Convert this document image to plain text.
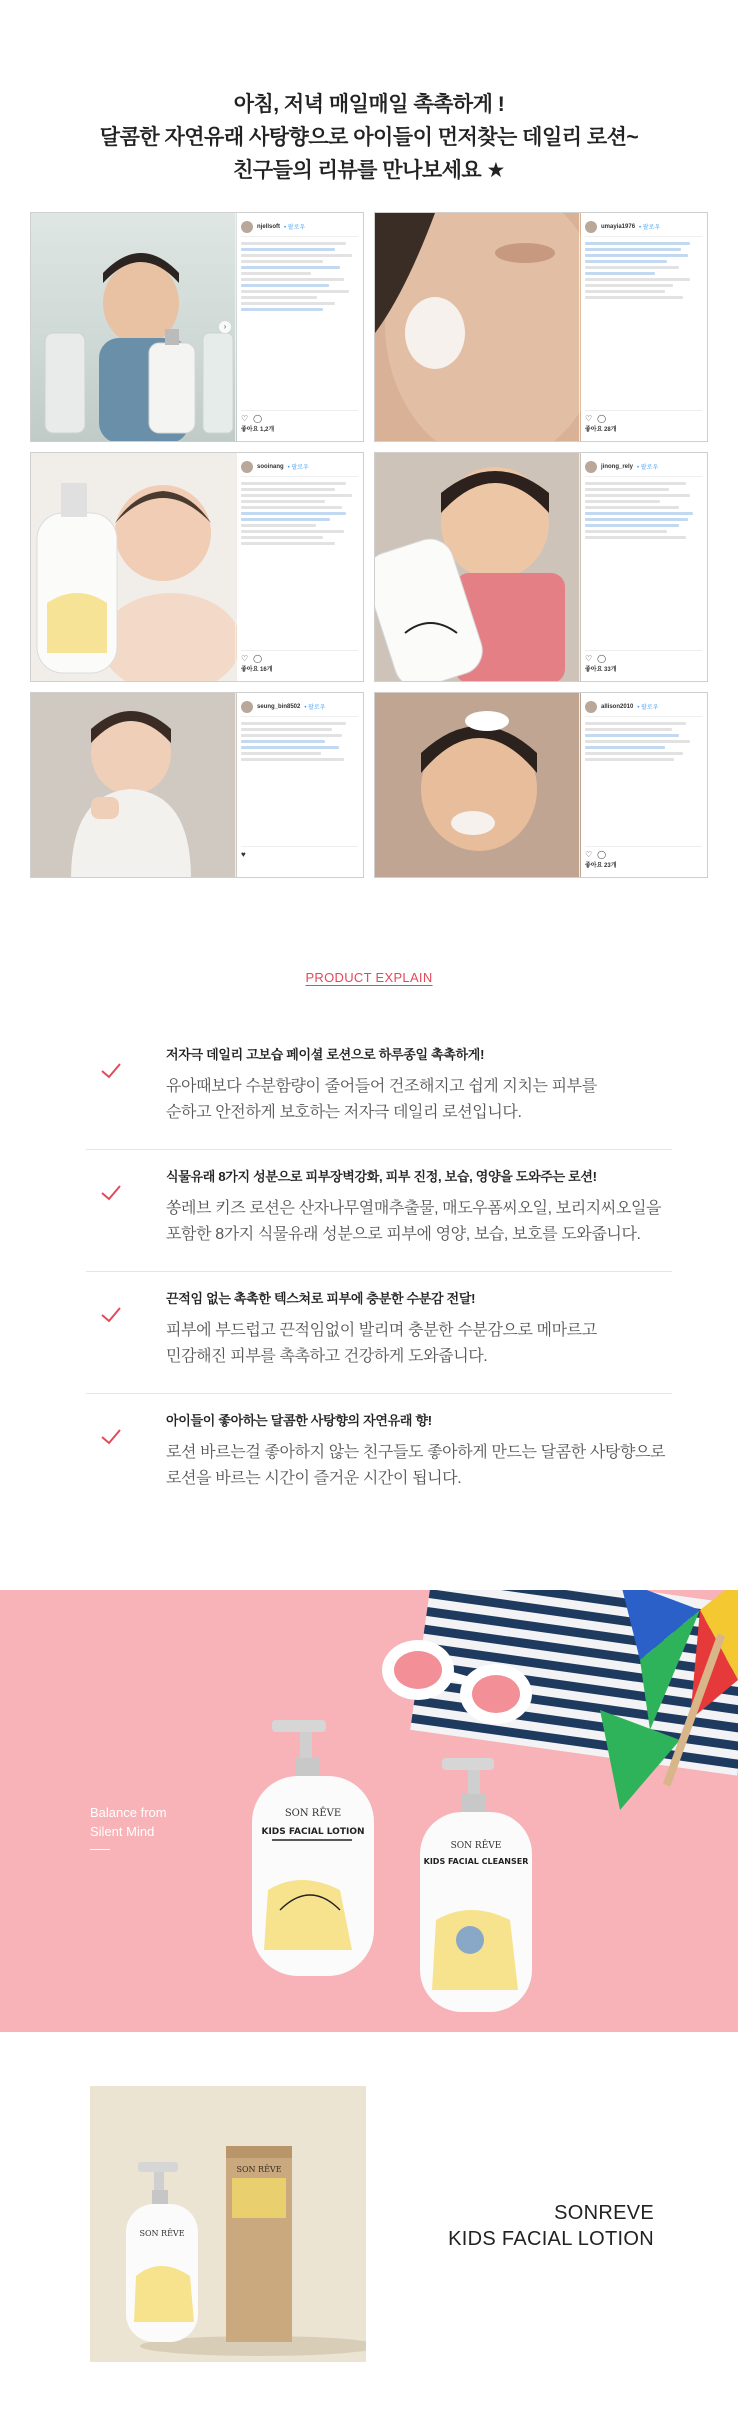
아침, 저녁 매일매일 촉촉하게 !
달콤한 자연유래 사탕향으로 아이들이 먼저찾는 데일리 로션~
친구들의 리뷰를 만나보세요 ★
›
njellsoft • 팔로우
♡ ◯
좋아요 1,2개
umayia1976 • 팔로우
♡ ◯
좋아요 28개
sooinang • 팔로우
♡ ◯
좋아요 16개
jinong_rely • 팔로우
♡ ◯
좋아요 33개
seung_bin8502 • 팔로우
♥
allison2010 • 팔로우
♡ ◯
좋아요 23개
PRODUCT EXPLAIN
저자극 데일리 고보습 페이셜 로션으로 하루종일 촉촉하게!
유아때보다 수분함량이 줄어들어 건조해지고 쉽게 지치는 피부를
순하고 안전하게 보호하는 저자극 데일리 로션입니다.
식물유래 8가지 성분으로 피부장벽강화, 피부 진정, 보습, 영양을 도와주는 로션!
쏭레브 키즈 로션은 산자나무열매추출물, 매도우폼씨오일, 보리지씨오일을
포함한 8가지 식물유래 성분으로 피부에 영양, 보습, 보호를 도와줍니다.
끈적임 없는 촉촉한 텍스쳐로 피부에 충분한 수분감 전달!
피부에 부드럽고 끈적임없이 발리며 충분한 수분감으로 메마르고
민감해진 피부를 촉촉하고 건강하게 도와줍니다.
아이들이 좋아하는 달콤한 사탕향의 자연유래 향!
로션 바르는걸 좋아하지 않는 친구들도 좋아하게 만드는 달콤한 사탕향으로
로션을 바르는 시간이 즐거운 시간이 됩니다.
SON RÊVE
KIDS FACIAL LOTION
SON RÊVE
KIDS FACIAL CLEANSER
Balance from
Silent Mind
SON RÊVE
SON RÊVE
SONREVE
KIDS FACIAL LOTION
